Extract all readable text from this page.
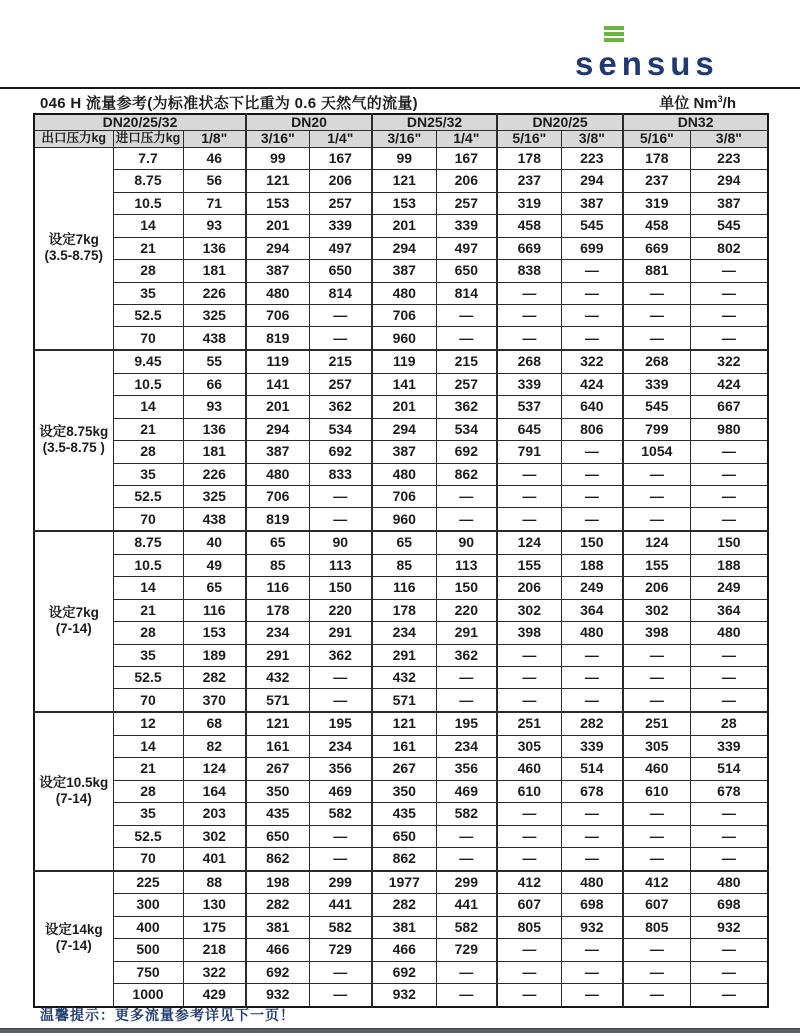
sensus
046 H 流量参考(为标准状态下比重为 0.6 天然气的流量)	单位 Nm$^3$/h
DN20/25/32			DN20		DN25/32		DN20/25		DN32	
出口压力kg	进口压力kg	1/8"	3/16"	1/4"	3/16"	1/4"	5/16"	3/8"	5/16"	3/8"

设定7kg
(3.5-8.75)	7.7	46	99	167	99	167	178	223	178	223
	8.75	56	121	206	121	206	237	294	237	294
	10.5	71	153	257	153	257	319	387	319	387
	14	93	201	339	201	339	458	545	458	545
	21	136	294	497	294	497	669	699	669	802
	28	181	387	650	387	650	838	—	881	—
	35	226	480	814	480	814	—	—	—	—
	52.5	325	706	—	706	—	—	—	—	—
	70	438	819	—	960	—	—	—	—	—

设定8.75kg
(3.5-8.75 )	9.45	55	119	215	119	215	268	322	268	322
	10.5	66	141	257	141	257	339	424	339	424
	14	93	201	362	201	362	537	640	545	667
	21	136	294	534	294	534	645	806	799	980
	28	181	387	692	387	692	791	—	1054	—
	35	226	480	833	480	862	—	—	—	—
	52.5	325	706	—	706	—	—	—	—	—
	70	438	819	—	960	—	—	—	—	—

设定7kg
(7-14)	8.75	40	65	90	65	90	124	150	124	150
	10.5	49	85	113	85	113	155	188	155	188
	14	65	116	150	116	150	206	249	206	249
	21	116	178	220	178	220	302	364	302	364
	28	153	234	291	234	291	398	480	398	480
	35	189	291	362	291	362	—	—	—	—
	52.5	282	432	—	432	—	—	—	—	—
	70	370	571	—	571	—	—	—	—	—

设定10.5kg
(7-14)	12	68	121	195	121	195	251	282	251	28
	14	82	161	234	161	234	305	339	305	339
	21	124	267	356	267	356	460	514	460	514
	28	164	350	469	350	469	610	678	610	678
	35	203	435	582	435	582	—	—	—	—
	52.5	302	650	—	650	—	—	—	—	—
	70	401	862	—	862	—	—	—	—	—

设定14kg
(7-14)	225	88	198	299	1977	299	412	480	412	480
	300	130	282	441	282	441	607	698	607	698
	400	175	381	582	381	582	805	932	805	932
	500	218	466	729	466	729	—	—	—	—
	750	322	692	—	692	—	—	—	—	—
	1000	429	932	—	932	—	—	—	—	—
温馨提示：更多流量参考详见下一页！
